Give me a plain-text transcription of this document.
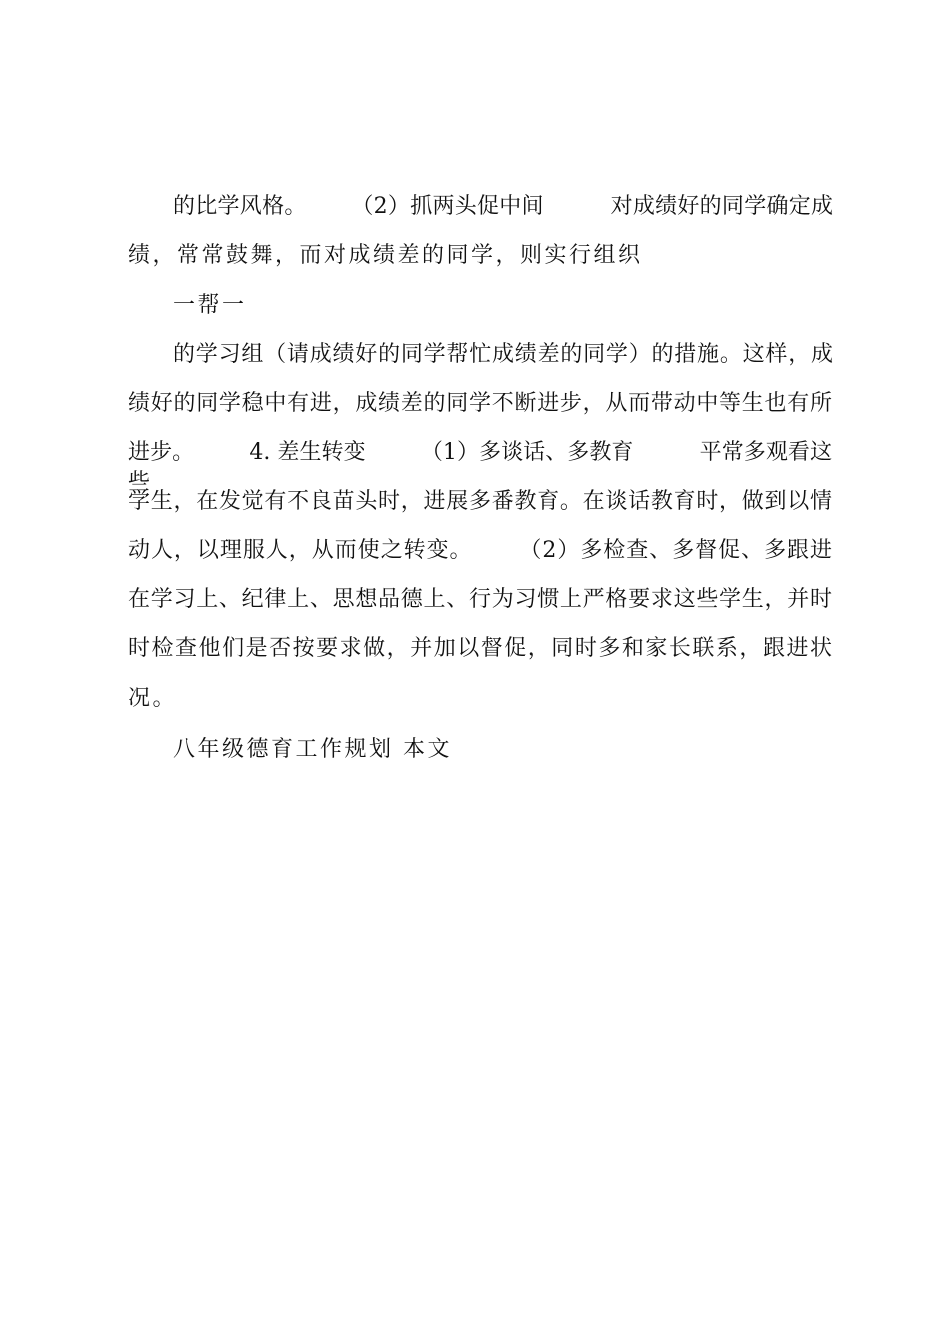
的比学风格。　　　（2）抓两头促中间　　　对成绩好的同学确定成
绩，常常鼓舞，而对成绩差的同学，则实行组织
一帮一
的学习组（请成绩好的同学帮忙成绩差的同学）的措施。这样，成
绩好的同学稳中有进，成绩差的同学不断进步，从而带动中等生也有所
进步。　　　4. 差生转变　　　（1）多谈话、多教育　　　平常多观看这些
学生，在发觉有不良苗头时，进展多番教育。在谈话教育时，做到以情
动人，以理服人，从而使之转变。　　　（2）多检查、多督促、多跟进
在学习上、纪律上、思想品德上、行为习惯上严格要求这些学生，并时
时检查他们是否按要求做，并加以督促，同时多和家长联系，跟进状
况。
八年级德育工作规划 本文
